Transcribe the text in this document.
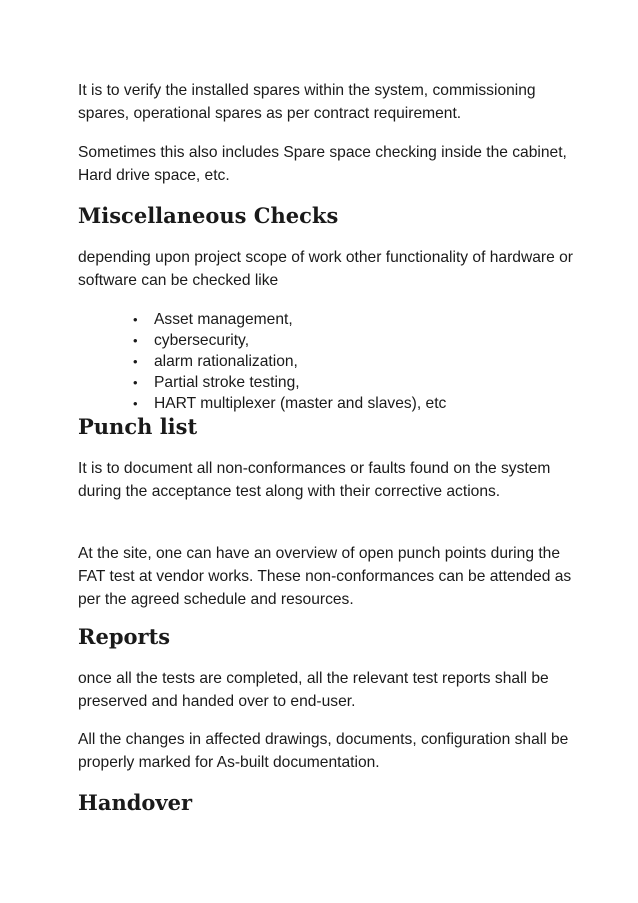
It is to verify the installed spares within the system, commissioning spares, operational spares as per contract requirement.

Sometimes this also includes Spare space checking inside the cabinet, Hard drive space, etc.

Miscellaneous Checks

depending upon project scope of work other functionality of hardware or software can be checked like

• Asset management,
• cybersecurity,
• alarm rationalization,
• Partial stroke testing,
• HART multiplexer (master and slaves), etc
Punch list

It is to document all non-conformances or faults found on the system during the acceptance test along with their corrective actions.

At the site, one can have an overview of open punch points during the FAT test at vendor works. These non-conformances can be attended as per the agreed schedule and resources.

Reports

once all the tests are completed, all the relevant test reports shall be preserved and handed over to end-user.

All the changes in affected drawings, documents, configuration shall be properly marked for As-built documentation.

Handover
